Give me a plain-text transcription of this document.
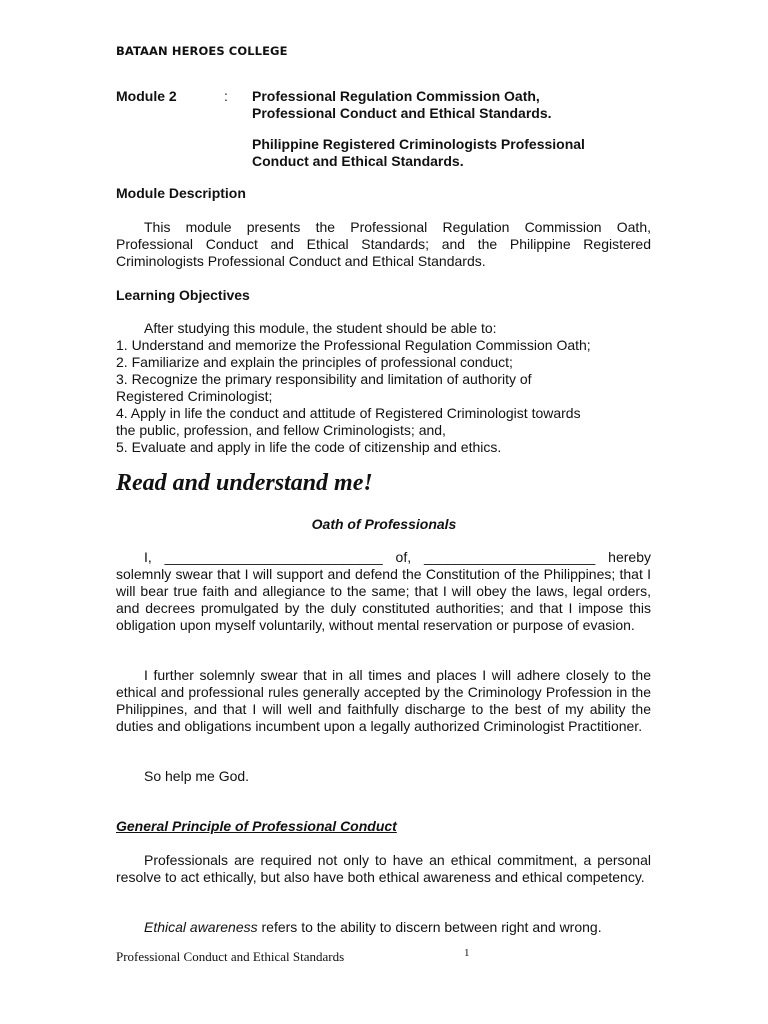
BATAAN HEROES COLLEGE
Module 2	: Professional Regulation Commission Oath,
Professional Conduct and Ethical Standards.
Philippine Registered Criminologists Professional
Conduct and Ethical Standards.
Module Description
This module presents the Professional Regulation Commission Oath, Professional Conduct and Ethical Standards; and the Philippine Registered Criminologists Professional Conduct and Ethical Standards.
Learning Objectives
After studying this module, the student should be able to:
1. Understand and memorize the Professional Regulation Commission Oath;
2. Familiarize and explain the principles of professional conduct;
3. Recognize the primary responsibility and limitation of authority of
Registered Criminologist;
4. Apply in life the conduct and attitude of Registered Criminologist towards
the public, profession, and fellow Criminologists; and,
5. Evaluate and apply in life the code of citizenship and ethics.
Read and understand me!
Oath of Professionals
I, ____________________________ of, ______________________ hereby
solemnly swear that I will support and defend the Constitution of the Philippines; that I will bear true faith and allegiance to the same; that I will obey the laws, legal orders, and decrees promulgated by the duly constituted authorities; and that I impose this obligation upon myself voluntarily, without mental reservation or purpose of evasion.
I further solemnly swear that in all times and places I will adhere closely to the ethical and professional rules generally accepted by the Criminology Profession in the Philippines, and that I will well and faithfully discharge to the best of my ability the duties and obligations incumbent upon a legally authorized Criminologist Practitioner.
So help me God.
General Principle of Professional Conduct
Professionals are required not only to have an ethical commitment, a personal resolve to act ethically, but also have both ethical awareness and ethical competency.
Ethical awareness refers to the ability to discern between right and wrong.
Professional Conduct and Ethical Standards	1
